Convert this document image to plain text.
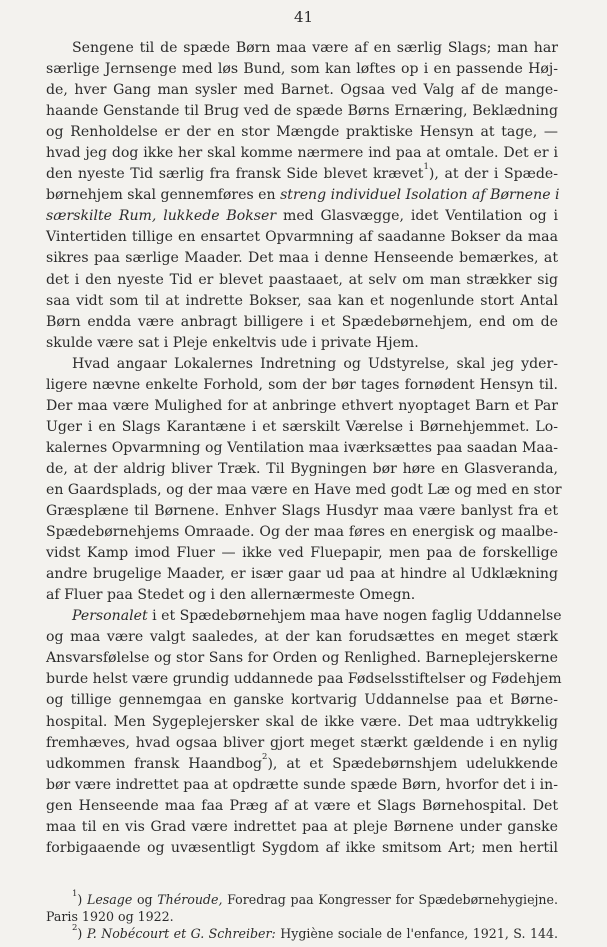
41
Sengene til de spæde Børn maa være af en særlig Slags; man har
særlige Jernsenge med løs Bund, som kan løftes op i en passende Høj-
de, hver Gang man sysler med Barnet. Ogsaa ved Valg af de mange-
haande Genstande til Brug ved de spæde Børns Ernæring, Beklædning
og Renholdelse er der en stor Mængde praktiske Hensyn at tage, —
hvad jeg dog ikke her skal komme nærmere ind paa at omtale. Det er i
den nyeste Tid særlig fra fransk Side blevet krævet$^1$), at der i Spæde-
børnehjem skal gennemføres en streng individuel Isolation af Børnene i
særskilte Rum, lukkede Bokser med Glasvægge, idet Ventilation og i
Vintertiden tillige en ensartet Opvarmning af saadanne Bokser da maa
sikres paa særlige Maader. Det maa i denne Henseende bemærkes, at
det i den nyeste Tid er blevet paastaaet, at selv om man strækker sig
saa vidt som til at indrette Bokser, saa kan et nogenlunde stort Antal
Børn endda være anbragt billigere i et Spædebørnehjem, end om de
skulde være sat i Pleje enkeltvis ude i private Hjem.
Hvad angaar Lokalernes Indretning og Udstyrelse, skal jeg yder-
ligere nævne enkelte Forhold, som der bør tages fornødent Hensyn til.
Der maa være Mulighed for at anbringe ethvert nyoptaget Barn et Par
Uger i en Slags Karantæne i et særskilt Værelse i Børnehjemmet. Lo-
kalernes Opvarmning og Ventilation maa iværksættes paa saadan Maa-
de, at der aldrig bliver Træk. Til Bygningen bør høre en Glasveranda,
en Gaardsplads, og der maa være en Have med godt Læ og med en stor
Græsplæne til Børnene. Enhver Slags Husdyr maa være banlyst fra et
Spædebørnehjems Omraade. Og der maa føres en energisk og maalbe-
vidst Kamp imod Fluer — ikke ved Fluepapir, men paa de forskellige
andre brugelige Maader, er især gaar ud paa at hindre al Udklækning
af Fluer paa Stedet og i den allernærmeste Omegn.
Personalet i et Spædebørnehjem maa have nogen faglig Uddannelse
og maa være valgt saaledes, at der kan forudsættes en meget stærk
Ansvarsfølelse og stor Sans for Orden og Renlighed. Barneplejerskerne
burde helst være grundig uddannede paa Fødselsstiftelser og Fødehjem
og tillige gennemgaa en ganske kortvarig Uddannelse paa et Børne-
hospital. Men Sygeplejersker skal de ikke være. Det maa udtrykkelig
fremhæves, hvad ogsaa bliver gjort meget stærkt gældende i en nylig
udkommen fransk Haandbog$^2$), at et Spædebørnshjem udelukkende
bør være indrettet paa at opdrætte sunde spæde Børn, hvorfor det i in-
gen Henseende maa faa Præg af at være et Slags Børnehospital. Det
maa til en vis Grad være indrettet paa at pleje Børnene under ganske
forbigaaende og uvæsentligt Sygdom af ikke smitsom Art; men hertil
$^1$) Lesage og Théroude, Foredrag paa Kongresser for Spædebørnehygiejne.
Paris 1920 og 1922.
$^2$) P. Nobécourt et G. Schreiber: Hygiène sociale de l'enfance, 1921, S. 144.
